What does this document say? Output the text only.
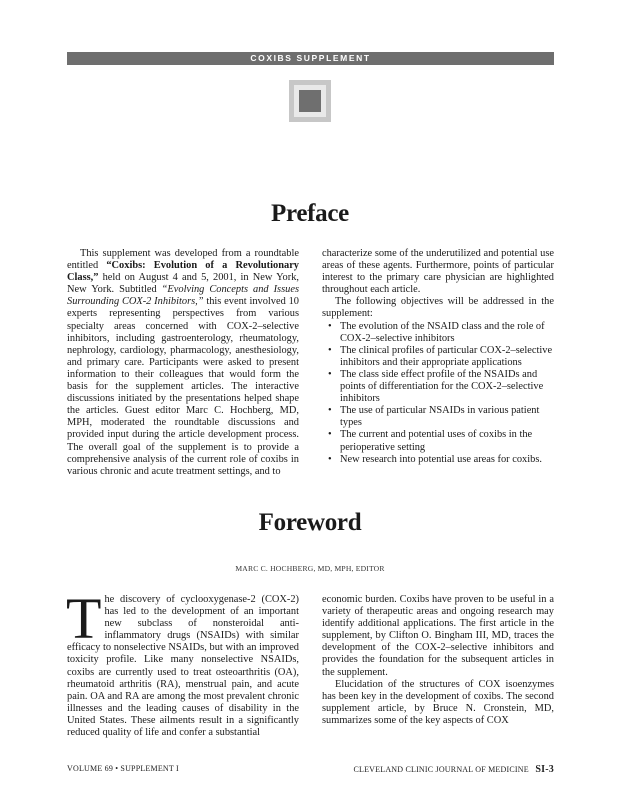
COXIBS SUPPLEMENT
Preface

This supplement was developed from a roundtable entitled “Coxibs: Evolution of a Revolutionary Class,” held on August 4 and 5, 2001, in New York, New York. Subtitled “Evolving Concepts and Issues Surrounding COX-2 Inhibitors,” this event involved 10 experts representing perspectives from various specialty areas concerned with COX-2–selective inhibitors, including gastroenterology, rheumatology, nephrology, cardiology, pharmacology, anesthesiology, and primary care. Participants were asked to present information to their colleagues that would form the basis for the supplement articles. The interactive discussions initiated by the presentations helped shape the articles. Guest editor Marc C. Hochberg, MD, MPH, moderated the roundtable discussions and provided input during the article development process. The overall goal of the supplement is to provide a comprehensive analysis of the current role of coxibs in various chronic and acute treatment settings, and to

characterize some of the underutilized and potential use areas of these agents. Furthermore, points of particular interest to the primary care physician are highlighted throughout each article.

The following objectives will be addressed in the supplement:

• The evolution of the NSAID class and the role of COX-2–selective inhibitors
• The clinical profiles of particular COX-2–selective inhibitors and their appropriate applications
• The class side effect profile of the NSAIDs and points of differentiation for the COX-2–selective inhibitors
• The use of particular NSAIDs in various patient types
• The current and potential uses of coxibs in the perioperative setting
• New research into potential use areas for coxibs.
Foreword
MARC C. HOCHBERG, MD, MPH, EDITOR

The discovery of cyclooxygenase-2 (COX-2) has led to the development of an important new subclass of nonsteroidal anti-inflammatory drugs (NSAIDs) with similar efficacy to nonselective NSAIDs, but with an improved toxicity profile. Like many nonselective NSAIDs, coxibs are currently used to treat osteoarthritis (OA), rheumatoid arthritis (RA), menstrual pain, and acute pain. OA and RA are among the most prevalent chronic illnesses and the leading causes of disability in the United States. These ailments result in a significantly reduced quality of life and confer a substantial

economic burden. Coxibs have proven to be useful in a variety of therapeutic areas and ongoing research may identify additional applications. The first article in the supplement, by Clifton O. Bingham III, MD, traces the development of the COX-2–selective inhibitors and provides the foundation for the subsequent articles in the supplement.

Elucidation of the structures of COX isoenzymes has been key in the development of coxibs. The second supplement article, by Bruce N. Cronstein, MD, summarizes some of the key aspects of COX

VOLUME 69 • SUPPLEMENT I	CLEVELAND CLINIC JOURNAL OF MEDICINE SI-3
